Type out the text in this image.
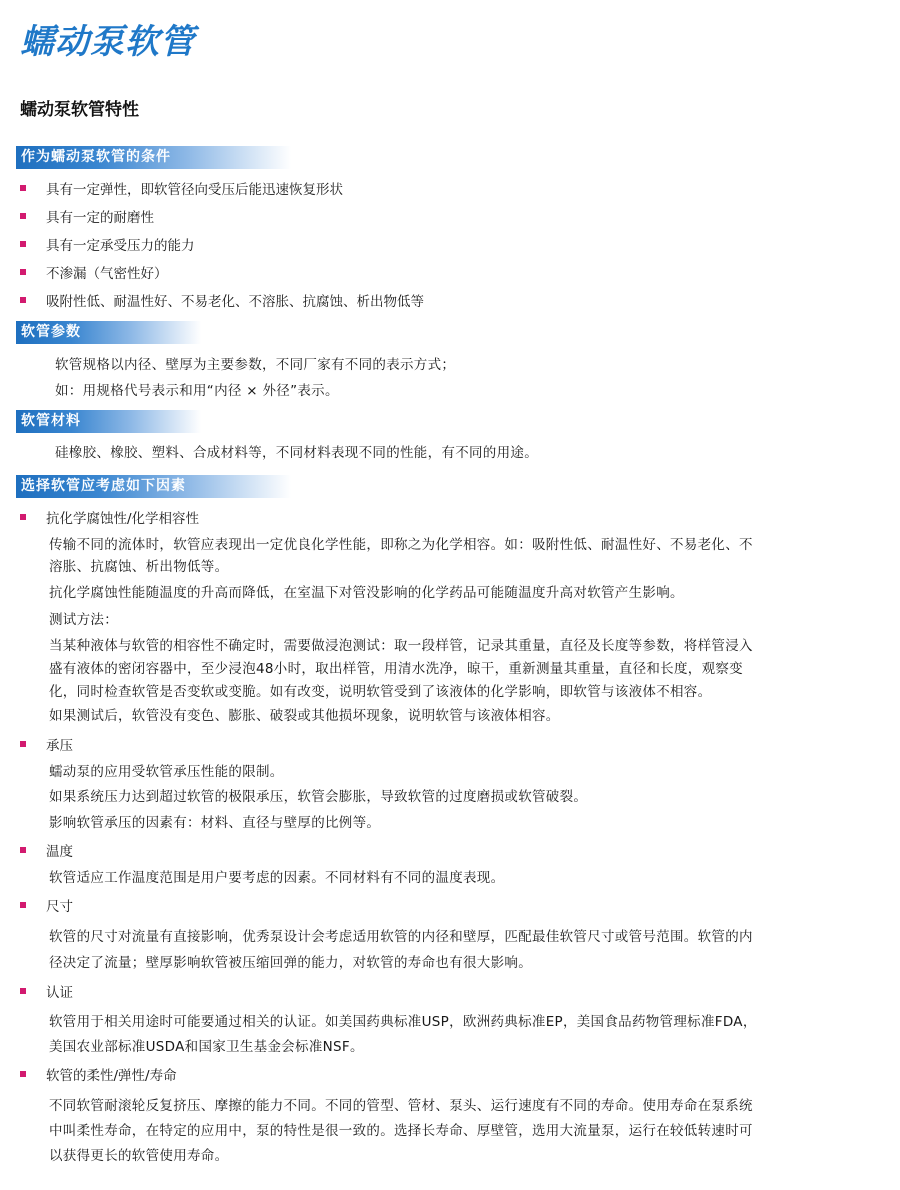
蠕动泵软管
蠕动泵软管特性
作为蠕动泵软管的条件
具有一定弹性，即软管径向受压后能迅速恢复形状
具有一定的耐磨性
具有一定承受压力的能力
不渗漏（气密性好）
吸附性低、耐温性好、不易老化、不溶胀、抗腐蚀、析出物低等
软管参数
软管规格以内径、壁厚为主要参数，不同厂家有不同的表示方式；
如：用规格代号表示和用“内径 × 外径”表示。
软管材料
硅橡胶、橡胶、塑料、合成材料等，不同材料表现不同的性能，有不同的用途。
选择软管应考虑如下因素
抗化学腐蚀性/化学相容性
传输不同的流体时，软管应表现出一定优良化学性能，即称之为化学相容。如：吸附性低、耐温性好、不易老化、不
溶胀、抗腐蚀、析出物低等。
抗化学腐蚀性能随温度的升高而降低，在室温下对管没影响的化学药品可能随温度升高对软管产生影响。
测试方法：
当某种液体与软管的相容性不确定时，需要做浸泡测试：取一段样管，记录其重量，直径及长度等参数，将样管浸入
盛有液体的密闭容器中，至少浸泡48小时，取出样管，用清水洗净，晾干，重新测量其重量，直径和长度，观察变
化，同时检查软管是否变软或变脆。如有改变，说明软管受到了该液体的化学影响，即软管与该液体不相容。
如果测试后，软管没有变色、膨胀、破裂或其他损坏现象，说明软管与该液体相容。
承压
蠕动泵的应用受软管承压性能的限制。
如果系统压力达到超过软管的极限承压，软管会膨胀，导致软管的过度磨损或软管破裂。
影响软管承压的因素有：材料、直径与壁厚的比例等。
温度
软管适应工作温度范围是用户要考虑的因素。不同材料有不同的温度表现。
尺寸
软管的尺寸对流量有直接影响，优秀泵设计会考虑适用软管的内径和壁厚，匹配最佳软管尺寸或管号范围。软管的内
径决定了流量；壁厚影响软管被压缩回弹的能力，对软管的寿命也有很大影响。
认证
软管用于相关用途时可能要通过相关的认证。如美国药典标准USP，欧洲药典标准EP，美国食品药物管理标准FDA，
美国农业部标准USDA和国家卫生基金会标准NSF。
软管的柔性/弹性/寿命
不同软管耐滚轮反复挤压、摩擦的能力不同。不同的管型、管材、泵头、运行速度有不同的寿命。使用寿命在泵系统
中叫柔性寿命，在特定的应用中，泵的特性是很一致的。选择长寿命、厚壁管，选用大流量泵，运行在较低转速时可
以获得更长的软管使用寿命。
